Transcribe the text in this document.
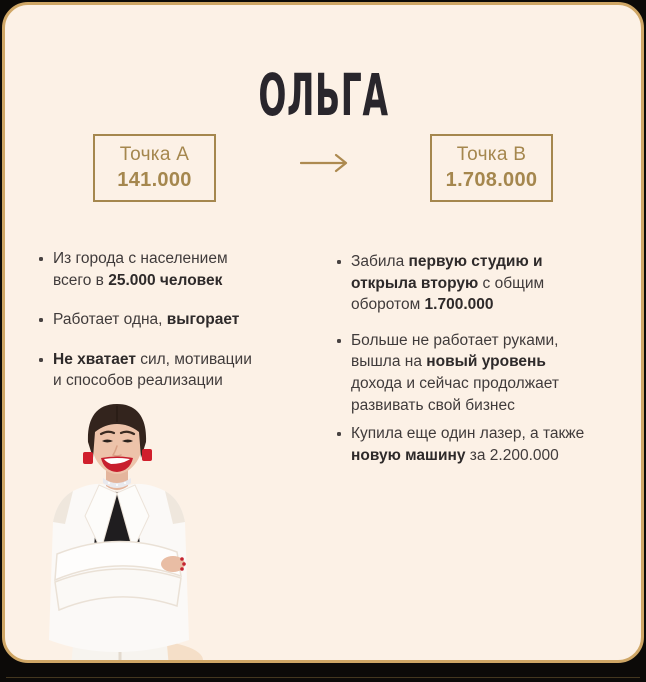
ОЛЬГА
Точка А
141.000
Точка В
1.708.000
Из города с населением
всего в 25.000 человек
Работает одна, выгорает
Не хватает сил, мотивации
и способов реализации
Забила первую студию и
открыла вторую с общим
оборотом 1.700.000
Больше не работает руками,
вышла на новый уровень
дохода и сейчас продолжает
развивать свой бизнес
Купила еще один лазер, а также
новую машину за 2.200.000
